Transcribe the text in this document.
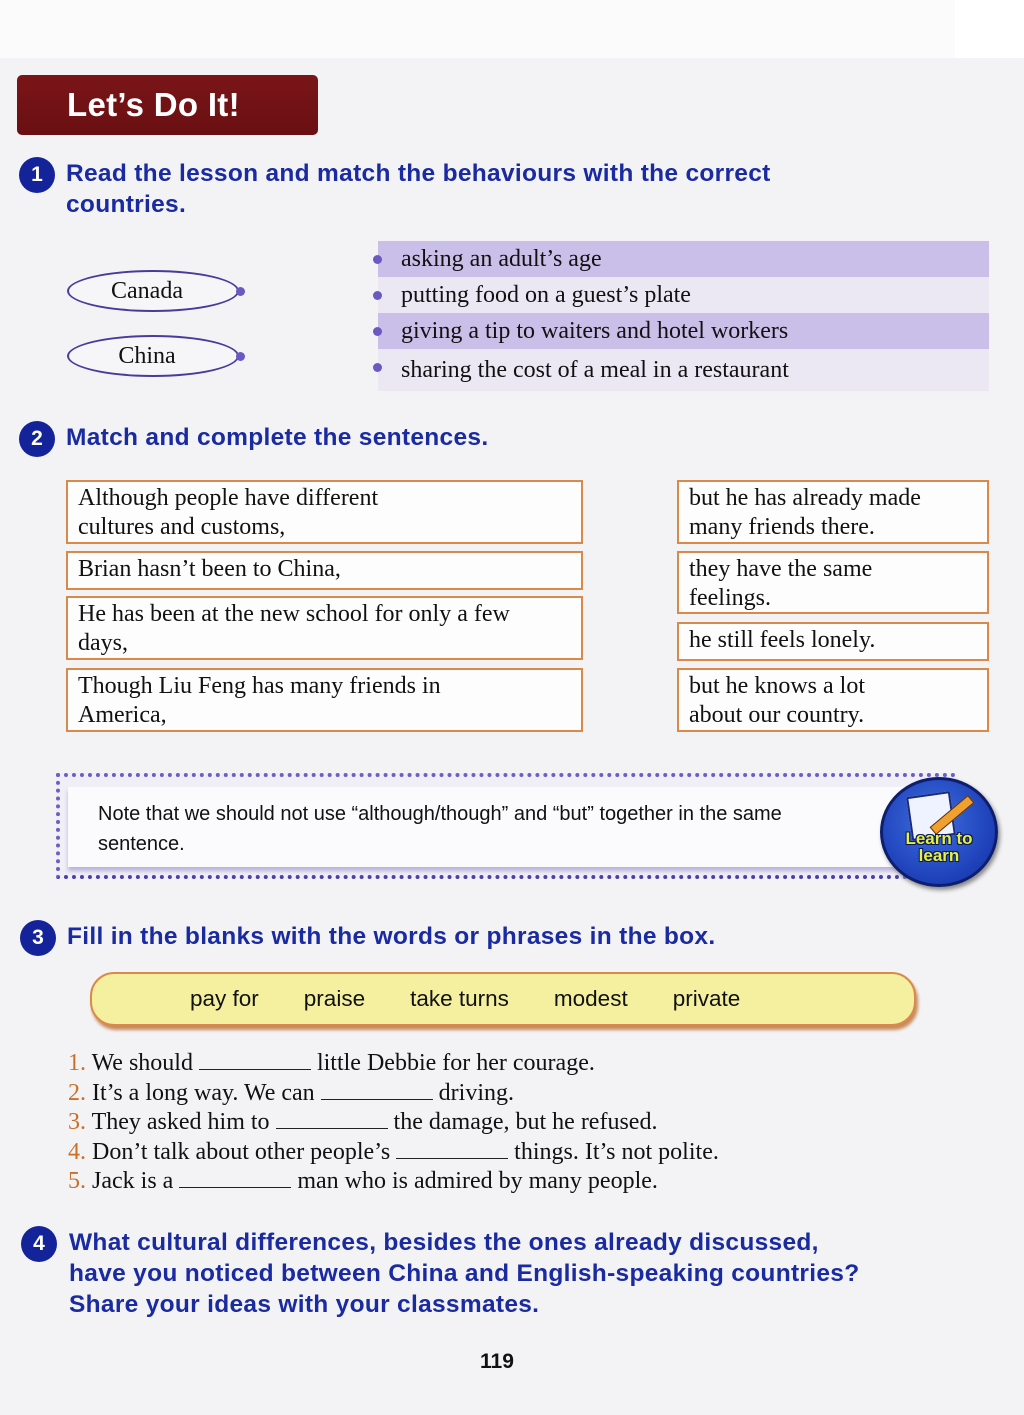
Let’s Do It!
1 Read the lesson and match the behaviours with the correct countries.
Canada
China
asking an adult’s age
putting food on a guest’s plate
giving a tip to waiters and hotel workers
sharing the cost of a meal in a restaurant
2 Match and complete the sentences.
Although people have different cultures and customs,
Brian hasn’t been to China,
He has been at the new school for only a few days,
Though Liu Feng has many friends in America,
but he has already made many friends there.
they have the same feelings.
he still feels lonely.
but he knows a lot about our country.
Note that we should not use “although/though” and “but” together in the same sentence.	Learn to learn
3 Fill in the blanks with the words or phrases in the box.
pay for praise take turns modest private
1. We should	little Debbie for her courage.
2. It’s a long way. We can	driving.
3. They asked him to	the damage, but he refused.
4. Don’t talk about other people’s	things. It’s not polite.
5. Jack is a	man who is admired by many people.
4 What cultural differences, besides the ones already discussed,
have you noticed between China and English-speaking countries?
Share your ideas with your classmates.
119
